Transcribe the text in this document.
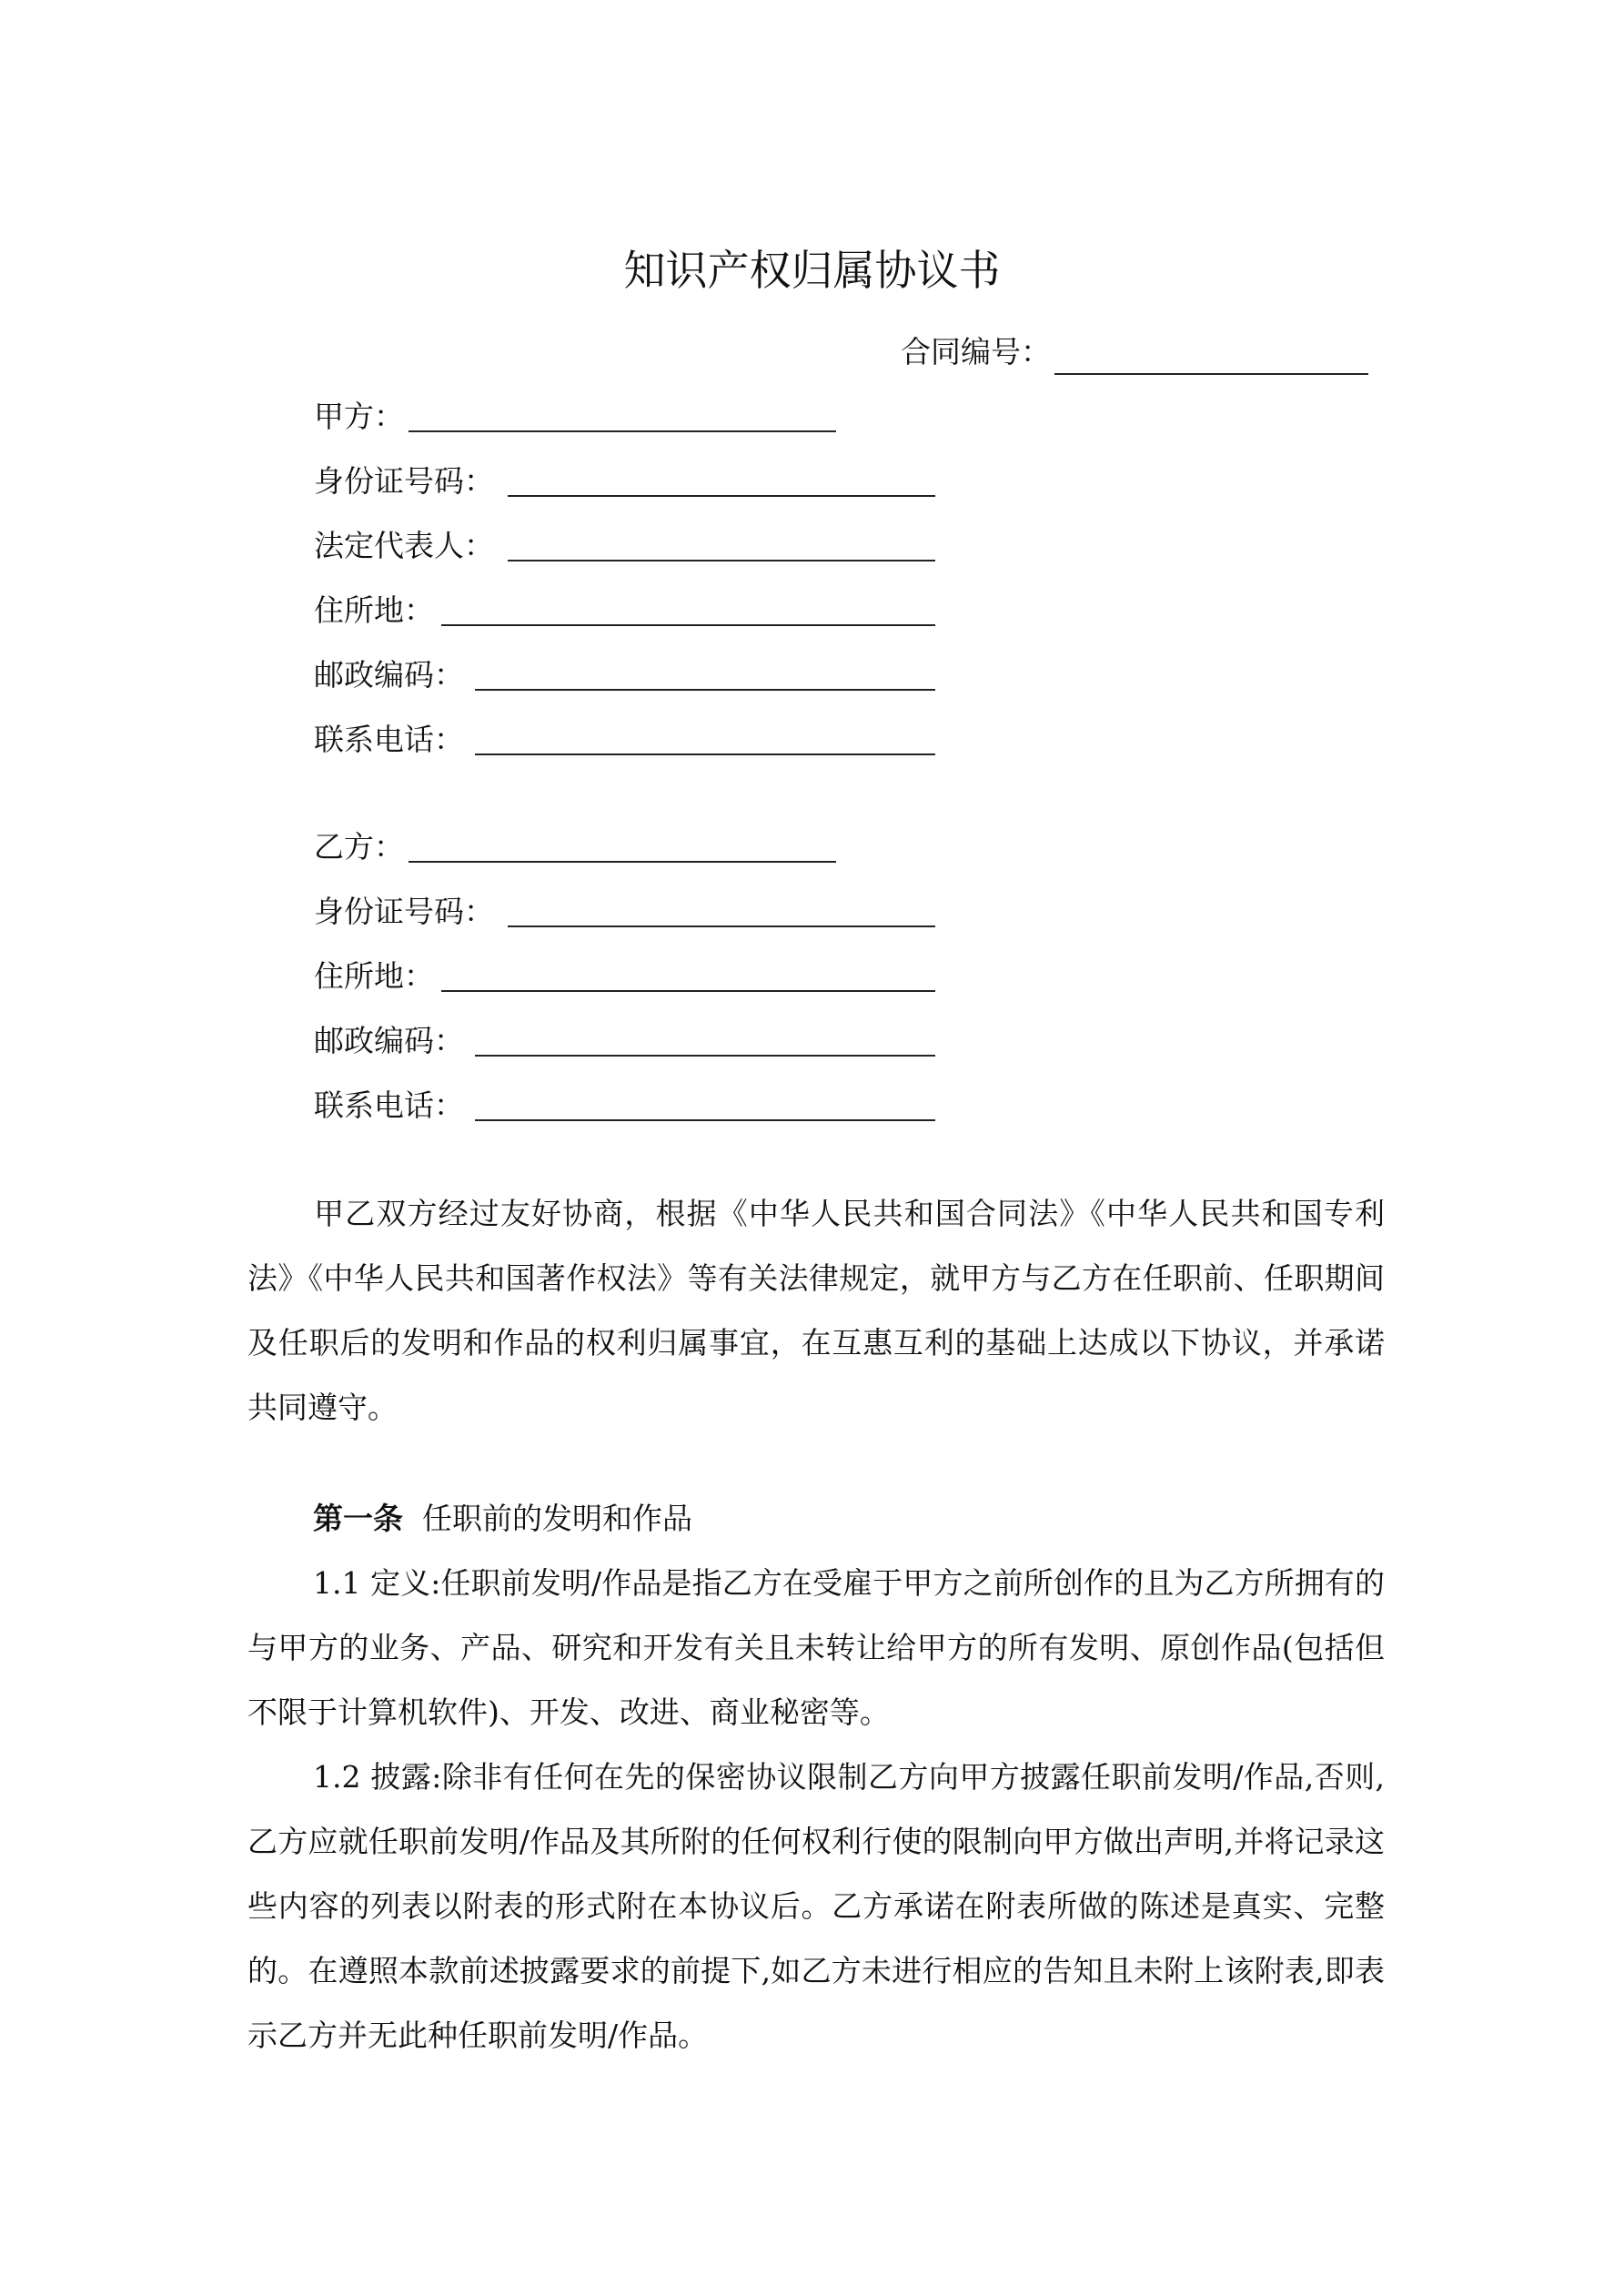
知识产权归属协议书
合同编号：
甲方：
身份证号码：
法定代表人：
住所地：
邮政编码：
联系电话：
乙方：
身份证号码：
住所地：
邮政编码：
联系电话：
甲乙双方经过友好协商，根据《中华人民共和国合同法》《中华人民共和国专利法》《中华人民共和国著作权法》等有关法律规定，就甲方与乙方在任职前、任职期间及任职后的发明和作品的权利归属事宜，在互惠互利的基础上达成以下协议，并承诺共同遵守。
第一条 任职前的发明和作品
1.1 定义:任职前发明/作品是指乙方在受雇于甲方之前所创作的且为乙方所拥有的与甲方的业务、产品、研究和开发有关且未转让给甲方的所有发明、原创作品(包括但不限于计算机软件)、开发、改进、商业秘密等。
1.2 披露:除非有任何在先的保密协议限制乙方向甲方披露任职前发明/作品,否则,乙方应就任职前发明/作品及其所附的任何权利行使的限制向甲方做出声明,并将记录这些内容的列表以附表的形式附在本协议后。乙方承诺在附表所做的陈述是真实、完整的。在遵照本款前述披露要求的前提下,如乙方未进行相应的告知且未附上该附表,即表示乙方并无此种任职前发明/作品。
